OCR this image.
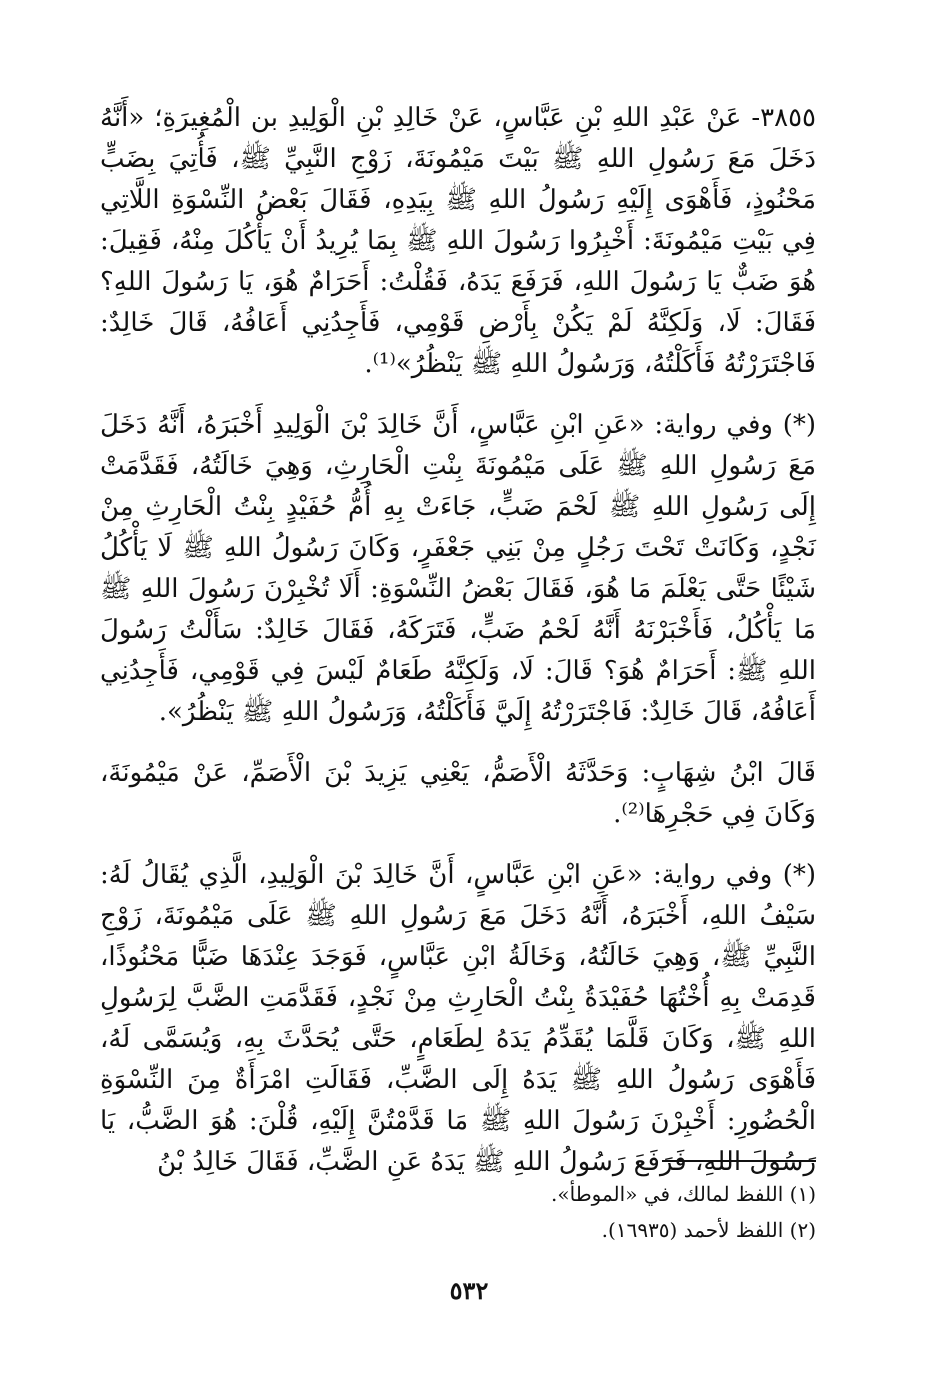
٣٨٥٥- عَنْ عَبْدِ اللهِ بْنِ عَبَّاسٍ، عَنْ خَالِدِ بْنِ الْوَلِيدِ بن الْمُغِيرَةِ؛ «أَنَّهُ دَخَلَ مَعَ رَسُولِ اللهِ ﷺ بَيْتَ مَيْمُونَةَ، زَوْجِ النَّبِيِّ ﷺ، فَأُتِيَ بِضَبٍّ مَحْنُوذٍ، فَأَهْوَى إِلَيْهِ رَسُولُ اللهِ ﷺ بِيَدِهِ، فَقَالَ بَعْضُ النِّسْوَةِ اللَّاتِي فِي بَيْتِ مَيْمُونَةَ: أَخْبِرُوا رَسُولَ اللهِ ﷺ بِمَا يُرِيدُ أَنْ يَأْكُلَ مِنْهُ، فَقِيلَ: هُوَ ضَبٌّ يَا رَسُولَ اللهِ، فَرَفَعَ يَدَهُ، فَقُلْتُ: أَحَرَامٌ هُوَ، يَا رَسُولَ اللهِ؟ فَقَالَ: لَا، وَلَكِنَّهُ لَمْ يَكُنْ بِأَرْضِ قَوْمِي، فَأَجِدُنِي أَعَافُهُ، قَالَ خَالِدٌ: فَاجْتَرَرْتُهُ فَأَكَلْتُهُ، وَرَسُولُ اللهِ ﷺ يَنْظُرُ»⁽¹⁾.

(*) وفي رواية: «عَنِ ابْنِ عَبَّاسٍ، أَنَّ خَالِدَ بْنَ الْوَلِيدِ أَخْبَرَهُ، أَنَّهُ دَخَلَ مَعَ رَسُولِ اللهِ ﷺ عَلَى مَيْمُونَةَ بِنْتِ الْحَارِثِ، وَهِيَ خَالَتُهُ، فَقَدَّمَتْ إِلَى رَسُولِ اللهِ ﷺ لَحْمَ ضَبٍّ، جَاءَتْ بِهِ أُمُّ حُفَيْدٍ بِنْتُ الْحَارِثِ مِنْ نَجْدٍ، وَكَانَتْ تَحْتَ رَجُلٍ مِنْ بَنِي جَعْفَرٍ، وَكَانَ رَسُولُ اللهِ ﷺ لَا يَأْكُلُ شَيْئًا حَتَّى يَعْلَمَ مَا هُوَ، فَقَالَ بَعْضُ النِّسْوَةِ: أَلَا تُخْبِرْنَ رَسُولَ اللهِ ﷺ مَا يَأْكُلُ، فَأَخْبَرْنَهُ أَنَّهُ لَحْمُ ضَبٍّ، فَتَرَكَهُ، فَقَالَ خَالِدٌ: سَأَلْتُ رَسُولَ اللهِ ﷺ: أَحَرَامٌ هُوَ؟ قَالَ: لَا، وَلَكِنَّهُ طَعَامٌ لَيْسَ فِي قَوْمِي، فَأَجِدُنِي أَعَافُهُ، قَالَ خَالِدٌ: فَاجْتَرَرْتُهُ إِلَيَّ فَأَكَلْتُهُ، وَرَسُولُ اللهِ ﷺ يَنْظُرُ».

قَالَ ابْنُ شِهَابٍ: وَحَدَّثَهُ الْأَصَمُّ، يَعْنِي يَزِيدَ بْنَ الْأَصَمِّ، عَنْ مَيْمُونَةَ، وَكَانَ فِي حَجْرِهَا⁽²⁾.

(*) وفي رواية: «عَنِ ابْنِ عَبَّاسٍ، أَنَّ خَالِدَ بْنَ الْوَلِيدِ، الَّذِي يُقَالُ لَهُ: سَيْفُ اللهِ، أَخْبَرَهُ، أَنَّهُ دَخَلَ مَعَ رَسُولِ اللهِ ﷺ عَلَى مَيْمُونَةَ، زَوْجِ النَّبِيِّ ﷺ، وَهِيَ خَالَتُهُ، وَخَالَةُ ابْنِ عَبَّاسٍ، فَوَجَدَ عِنْدَهَا ضَبًّا مَحْنُوذًا، قَدِمَتْ بِهِ أُخْتُهَا حُفَيْدَةُ بِنْتُ الْحَارِثِ مِنْ نَجْدٍ، فَقَدَّمَتِ الضَّبَّ لِرَسُولِ اللهِ ﷺ، وَكَانَ قَلَّمَا يُقَدِّمُ يَدَهُ لِطَعَامٍ، حَتَّى يُحَدَّثَ بِهِ، وَيُسَمَّى لَهُ، فَأَهْوَى رَسُولُ اللهِ ﷺ يَدَهُ إِلَى الضَّبِّ، فَقَالَتِ امْرَأَةٌ مِنَ النِّسْوَةِ الْحُضُورِ: أَخْبِرْنَ رَسُولَ اللهِ ﷺ مَا قَدَّمْتُنَّ إِلَيْهِ، قُلْنَ: هُوَ الضَّبُّ، يَا رَسُولَ اللهِ، فَرَفَعَ رَسُولُ اللهِ ﷺ يَدَهُ عَنِ الضَّبِّ، فَقَالَ خَالِدُ بْنُ

(١) اللفظ لمالك، في «الموطأ».

(٢) اللفظ لأحمد (١٦٩٣٥).

٥٣٢
